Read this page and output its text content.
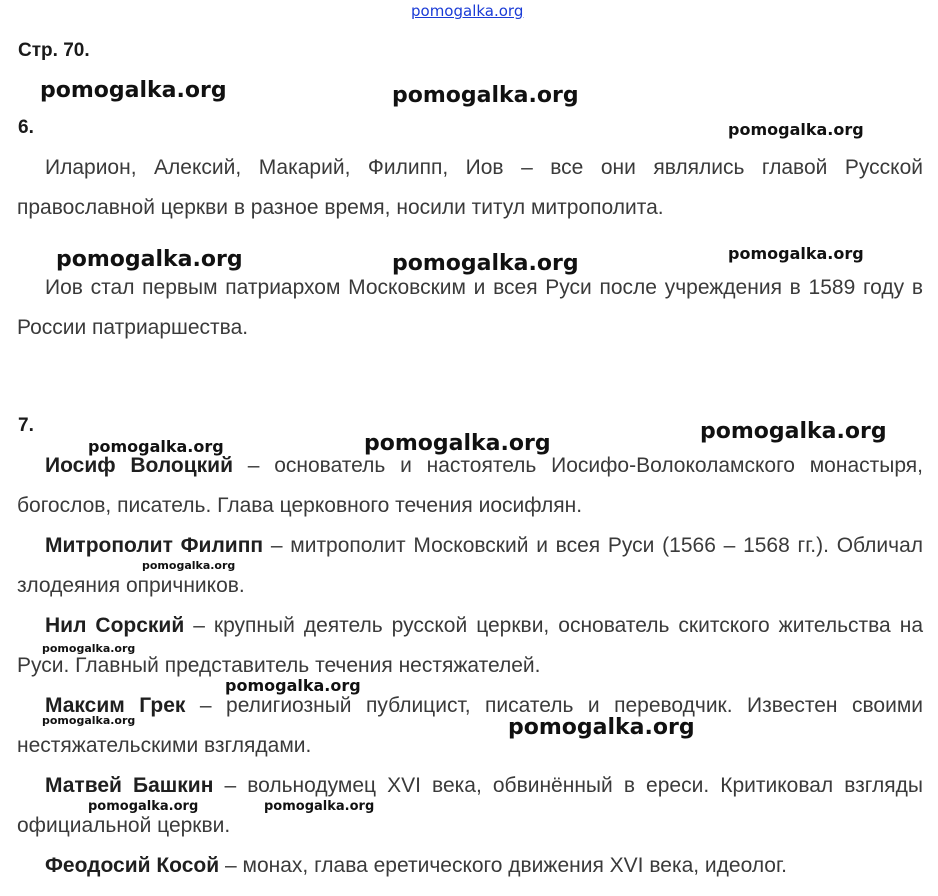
pomogalka.org
pomogalka.org	pomogalka.org
pomogalka.org
pomogalka.org
pomogalka.org	pomogalka.org
pomogalka.org
pomogalka.org	pomogalka.org
pomogalka.org
pomogalka.org
pomogalka.org
pomogalka.org	pomogalka.org
pomogalka.org	pomogalka.org
Стр. 70.
6.
7.
Иларион, Алексий, Макарий, Филипп, Иов – все они являлись главой Русской православной церкви в разное время, носили титул митрополита.
Иов стал первым патриархом Московским и всея Руси после учреждения в 1589 году в России патриаршества.
Иосиф Волоцкий – основатель и настоятель Иосифо-Волоколамского монастыря, богослов, писатель. Глава церковного течения иосифлян.
Митрополит Филипп – митрополит Московский и всея Руси (1566 – 1568 гг.). Обличал злодеяния опричников.
Нил Сорский – крупный деятель русской церкви, основатель скитского жительства на Руси. Главный представитель течения нестяжателей.
Максим Грек – религиозный публицист, писатель и переводчик. Известен своими нестяжательскими взглядами.
Матвей Башкин – вольнодумец XVI века, обвинённый в ереси. Критиковал взгляды официальной церкви.
Феодосий Косой – монах, глава еретического движения XVI века, идеолог.
